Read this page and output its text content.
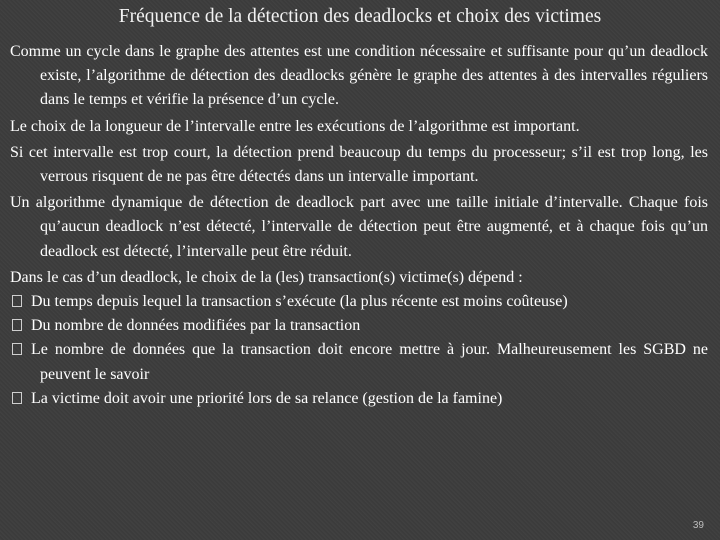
Fréquence de la détection des deadlocks et choix des victimes

Comme un cycle dans le graphe des attentes est une condition nécessaire et suffisante pour qu’un deadlock existe, l’algorithme de détection des deadlocks génère le graphe des attentes à des intervalles réguliers dans le temps et vérifie la présence d’un cycle.

Le choix de la longueur de l’intervalle entre les exécutions de l’algorithme est important.

Si cet intervalle est trop court, la détection prend beaucoup du temps du processeur; s’il est trop long, les verrous risquent de ne pas être détectés dans un intervalle important.

Un algorithme dynamique de détection de deadlock part avec une taille initiale d’intervalle. Chaque fois qu’aucun deadlock n’est détecté, l’intervalle de détection peut être augmenté, et à chaque fois qu’un deadlock est détecté, l’intervalle peut être réduit.

Dans le cas d’un deadlock, le choix de la (les) transaction(s) victime(s) dépend :

Du temps depuis lequel la transaction s’exécute (la plus récente est moins coûteuse)

Du nombre de données modifiées par la transaction

Le nombre de données que la transaction doit encore mettre à jour. Malheureusement les SGBD ne peuvent le savoir

La victime doit avoir une priorité lors de sa relance (gestion de la famine)

39
